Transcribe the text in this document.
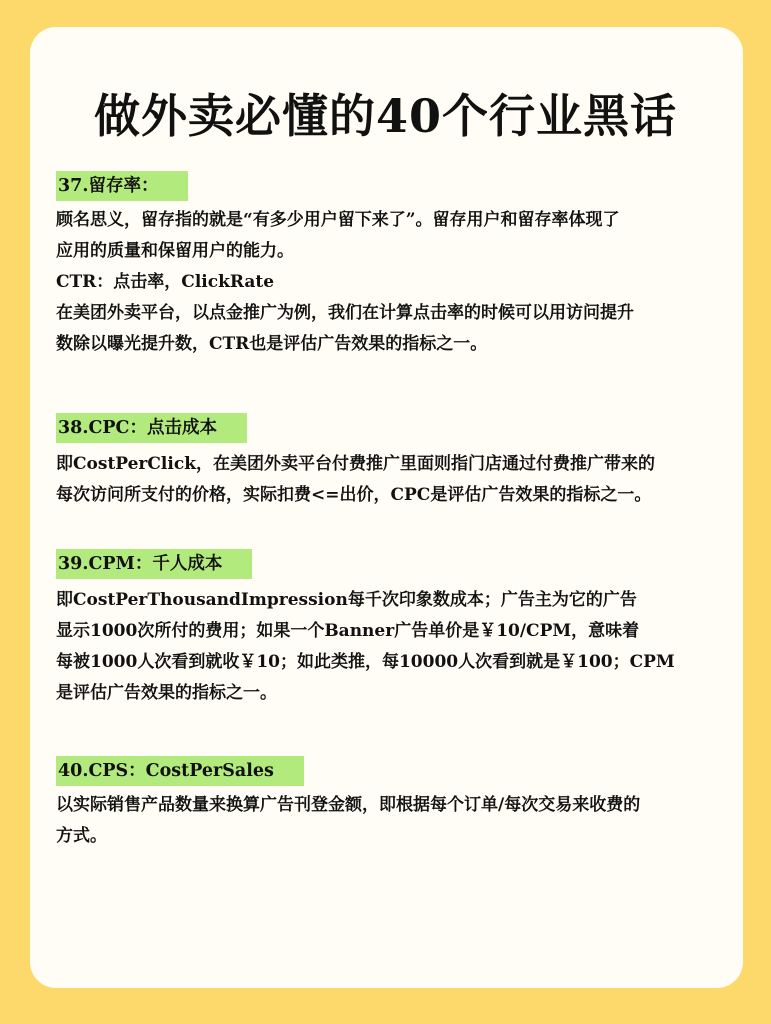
做外卖必懂的40个行业黑话
37.留存率：
顾名思义，留存指的就是“有多少用户留下来了”。留存用户和留存率体现了
应用的质量和保留用户的能力。
CTR：点击率，ClickRate
在美团外卖平台，以点金推广为例，我们在计算点击率的时候可以用访问提升
数除以曝光提升数，CTR也是评估广告效果的指标之一。
38.CPC：点击成本
即CostPerClick，在美团外卖平台付费推广里面则指门店通过付费推广带来的
每次访问所支付的价格，实际扣费<=出价，CPC是评估广告效果的指标之一。
39.CPM：千人成本
即CostPerThousandImpression每千次印象数成本；广告主为它的广告
显示1000次所付的费用；如果一个Banner广告单价是￥10/CPM，意味着
每被1000人次看到就收￥10；如此类推，每10000人次看到就是￥100；CPM
是评估广告效果的指标之一。
40.CPS：CostPerSales
以实际销售产品数量来换算广告刊登金额，即根据每个订单/每次交易来收费的
方式。
